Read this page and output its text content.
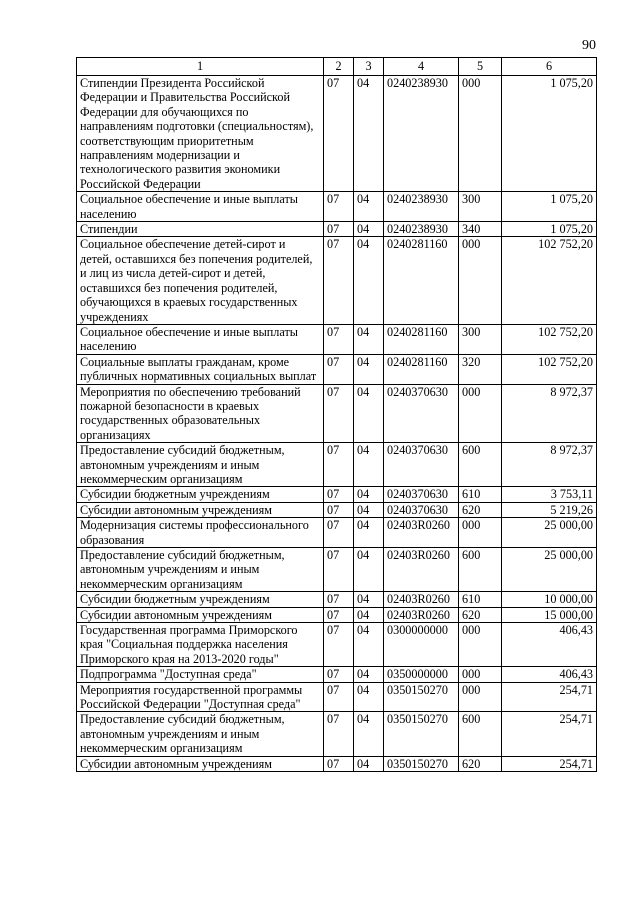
90
1	2	3	4	5	6
Стипендии Президента Российской Федерации и Правительства Российской Федерации для обучающихся по направлениям подготовки (специальностям), соответствующим приоритетным направлениям модернизации и технологического развития экономики Российской Федерации	07	04	0240238930	000	1 075,20
Социальное обеспечение и иные выплаты населению	07	04	0240238930	300	1 075,20
Стипендии	07	04	0240238930	340	1 075,20
Социальное обеспечение детей-сирот и детей, оставшихся без попечения родителей, и лиц из числа детей-сирот и детей, оставшихся без попечения родителей, обучающихся в краевых государственных учреждениях	07	04	0240281160	000	102 752,20
Социальное обеспечение и иные выплаты населению	07	04	0240281160	300	102 752,20
Социальные выплаты гражданам, кроме публичных нормативных социальных выплат	07	04	0240281160	320	102 752,20
Мероприятия по обеспечению требований пожарной безопасности в краевых государственных образовательных организациях	07	04	0240370630	000	8 972,37
Предоставление субсидий бюджетным, автономным учреждениям и иным некоммерческим организациям	07	04	0240370630	600	8 972,37
Субсидии бюджетным учреждениям	07	04	0240370630	610	3 753,11
Субсидии автономным учреждениям	07	04	0240370630	620	5 219,26
Модернизация системы профессионального образования	07	04	02403R0260	000	25 000,00
Предоставление субсидий бюджетным, автономным учреждениям и иным некоммерческим организациям	07	04	02403R0260	600	25 000,00
Субсидии бюджетным учреждениям	07	04	02403R0260	610	10 000,00
Субсидии автономным учреждениям	07	04	02403R0260	620	15 000,00
Государственная программа Приморского края "Социальная поддержка населения Приморского края на 2013-2020 годы"	07	04	0300000000	000	406,43
Подпрограмма "Доступная среда"	07	04	0350000000	000	406,43
Мероприятия государственной программы Российской Федерации "Доступная среда"	07	04	0350150270	000	254,71
Предоставление субсидий бюджетным, автономным учреждениям и иным некоммерческим организациям	07	04	0350150270	600	254,71
Субсидии автономным учреждениям	07	04	0350150270	620	254,71
